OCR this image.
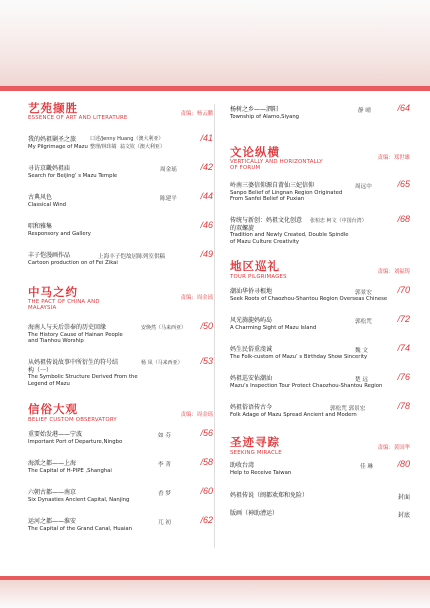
艺苑撷胜
ESSENCE OF ART AND LITERATURE
责编：杨云鹏
我的妈祖剿圣之旅
My Pilgrimage of Mazu
口述/Jenny Huang（澳大利亚）
整理/林玮婧  翁文钦（澳大利亚）
/41
寻访京畿妈祖庙
Search for Beijing’ s Mazu Temple
周金瑶	/42
古典风色
Classical Wind
陈建平	/44
唱和雅集
Responsory and Gallery
/46
丰子恺漫画作品
Cartoon production on of Fei Zikai
上海丰子恺故居陈列室供稿	/49
中马之约
THE PACT OF CHINA AND MALAYSIA
责编：周金瑶
海南人与天后崇奉的历史回缘
The History Cause of Hainan People and Tianhou Worship
安焕然（马来西亚） /50
从妈祖传说故事中所衍生的符号结构（一）
The Symbolic Structure Derived From the Legend of Mazu
杨 凤（马来西亚） /53
信俗大观
BELIEF CUSTOM OBSERVATORY
责编：周金瑶
重要始发港——宁波
Important Port of Departure,Ningbo
如 芬	/56
海派之都——上海
The Capital of H-PIPE ,Shanghai
李 菁	/58
六朝古都——南京
Six Dynasties Ancient Capital, Nanjing
香 梦	/60
运河之都——淮安
The Capital of the Grand Canal, Huaian
兀 初	/62
杨树之乡——泗阳
Township of Alamo,Siyang
静 晴	/64
文论纵横
VERTICALLY AND HORIZONTALLY OF FORUM
责编：郑世雄
岭南三婆信仰源自莆仙三妃信仰
Sanpo Belief of Lingnan Region Originated From Sanfei Belief of Puxian
周远中	/65
传统与新创：妈祖文化创意的双螺旋
Tradition and Newly Created, Double Spindle of Mazu Culture Creativity
张桓忠 柯文（中国台湾）	/68
地区巡礼
TOUR PILGRIMAGES
责编：刘福铸
潮汕华侨寻根地
Seek Roots of Chaozhou-Shantou Region Overseas Chinese
郭景宏	/70
风光旖旎妈屿岛
A Charming Sight of Mazu Island
郭松咒	/72
妈生民俗重虔诚
The Folk-custom of Mazu’ s Birthday Show Sincerity
魏 文	/74
妈祖巡安佑潮汕
Mazu’s Inspection Tour Protect Chaozhou-Shantou Region
楚 远	/76
妈祖俗语传古今
Folk Adage of Mazu Spread Ancient and Modern
郭松咒 郭景宏	/78
圣迹寻踪
SEEKING MIRACLE
责编：黄国华
助收台湾
Help to Receive Taiwan
佳 琳	/80
妈祖传说（闽都欢郑和免险）	封面
版画（神助漕运）	封底
